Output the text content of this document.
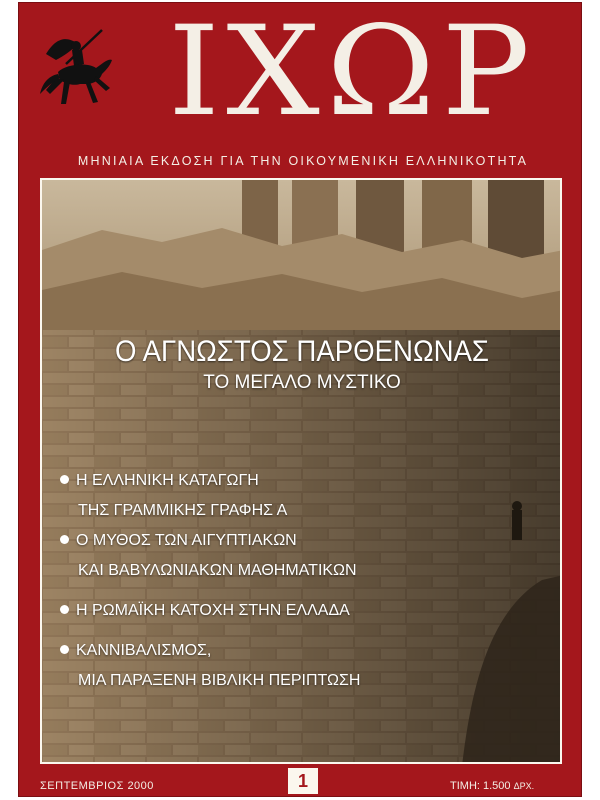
ΙΧΩΡ
ΜΗΝΙΑΙΑ ΕΚΔΟΣΗ ΓΙΑ ΤΗΝ ΟΙΚΟΥΜΕΝΙΚΗ ΕΛΛΗΝΙΚΟΤΗΤΑ
Ο ΑΓΝΩΣΤΟΣ ΠΑΡΘΕΝΩΝΑΣ
ΤΟ ΜΕΓΑΛΟ ΜΥΣΤΙΚΟ
Η ΕΛΛΗΝΙΚΗ ΚΑΤΑΓΩΓΗ
ΤΗΣ ΓΡΑΜΜΙΚΗΣ ΓΡΑΦΗΣ Α
Ο ΜΥΘΟΣ ΤΩΝ ΑΙΓΥΠΤΙΑΚΩΝ
ΚΑΙ ΒΑΒΥΛΩΝΙΑΚΩΝ ΜΑΘΗΜΑΤΙΚΩΝ
Η ΡΩΜΑΪΚΗ ΚΑΤΟΧΗ ΣΤΗΝ ΕΛΛΑΔΑ
ΚΑΝΝΙΒΑΛΙΣΜΟΣ,
ΜΙΑ ΠΑΡΑΞΕΝΗ ΒΙΒΛΙΚΗ ΠΕΡΙΠΤΩΣΗ
ΣΕΠΤΕΜΒΡΙΟΣ 2000	1	ΤΙΜΗ: 1.500 ΔΡΧ.
